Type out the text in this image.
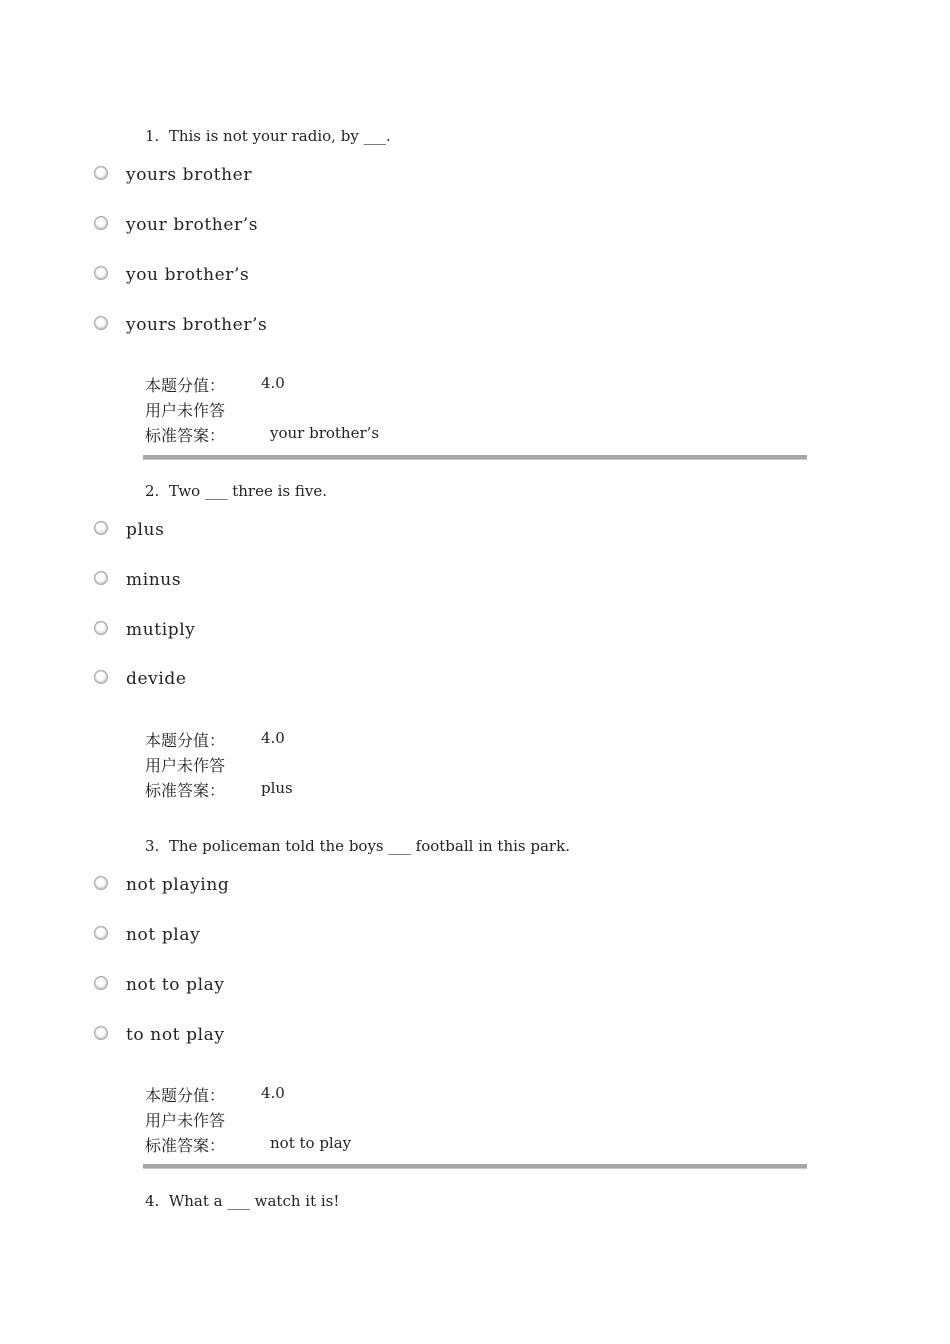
1.  This is not your radio, by ___.
yours brother
your brother’s
you brother’s
yours brother’s

本题分值：

4.0

用户未作答

标准答案：

	your brother’s

2.  Two ___ three is five.
plus
minus
mutiply
devide

本题分值：

4.0

用户未作答

标准答案：

plus

3.  The policeman told the boys ___ football in this park.
not playing
not play
not to play
to not play

本题分值：

4.0

用户未作答

标准答案：

	not to play

4.  What a ___ watch it is!
